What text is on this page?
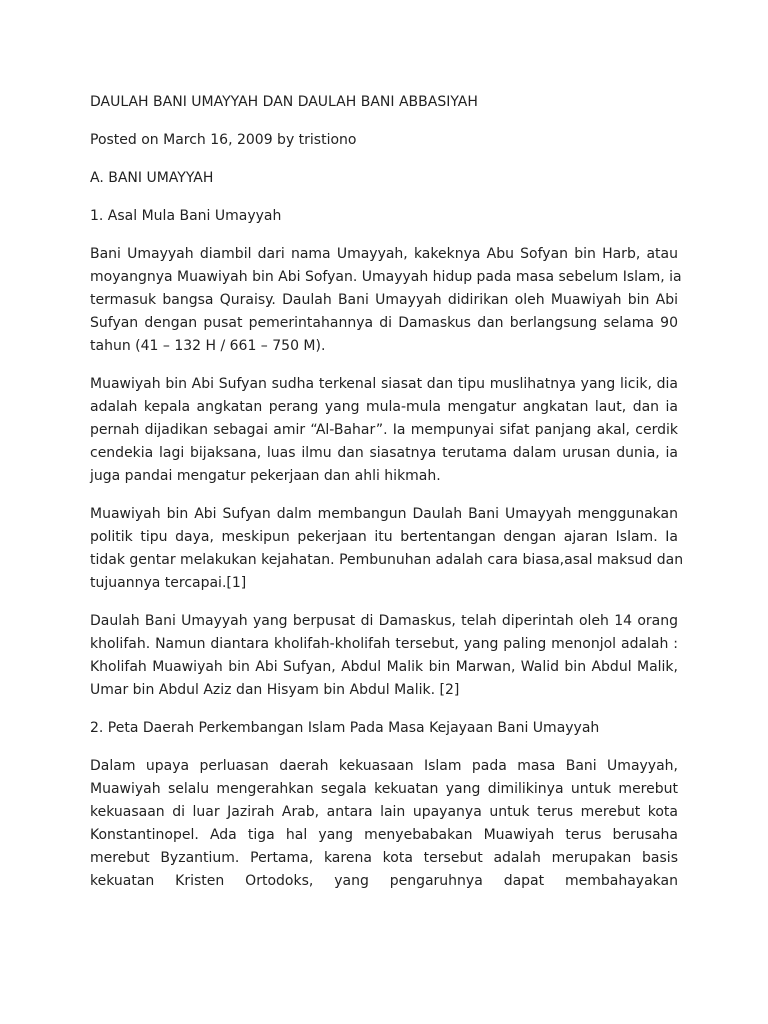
DAULAH BANI UMAYYAH DAN DAULAH BANI ABBASIYAH
Posted on March 16, 2009 by tristiono
A. BANI UMAYYAH
1. Asal Mula Bani Umayyah
Bani Umayyah diambil dari nama Umayyah, kakeknya Abu Sofyan bin Harb, atau
moyangnya Muawiyah bin Abi Sofyan. Umayyah hidup pada masa sebelum Islam, ia
termasuk bangsa Quraisy. Daulah Bani Umayyah didirikan oleh Muawiyah bin Abi
Sufyan dengan pusat pemerintahannya di Damaskus dan berlangsung selama 90
tahun (41 – 132 H / 661 – 750 M).
Muawiyah bin Abi Sufyan sudha terkenal siasat dan tipu muslihatnya yang licik, dia
adalah kepala angkatan perang yang mula-mula mengatur angkatan laut, dan ia
pernah dijadikan sebagai amir “Al-Bahar”. Ia mempunyai sifat panjang akal, cerdik
cendekia lagi bijaksana, luas ilmu dan siasatnya terutama dalam urusan dunia, ia
juga pandai mengatur pekerjaan dan ahli hikmah.
Muawiyah bin Abi Sufyan dalm membangun Daulah Bani Umayyah menggunakan
politik tipu daya, meskipun pekerjaan itu bertentangan dengan ajaran Islam. Ia
tidak gentar melakukan kejahatan. Pembunuhan adalah cara biasa,asal maksud dan
tujuannya tercapai.[1]
Daulah Bani Umayyah yang berpusat di Damaskus, telah diperintah oleh 14 orang
kholifah. Namun diantara kholifah-kholifah tersebut, yang paling menonjol adalah :
Kholifah Muawiyah bin Abi Sufyan, Abdul Malik bin Marwan, Walid bin Abdul Malik,
Umar bin Abdul Aziz dan Hisyam bin Abdul Malik. [2]
2. Peta Daerah Perkembangan Islam Pada Masa Kejayaan Bani Umayyah
Dalam upaya perluasan daerah kekuasaan Islam pada masa Bani Umayyah,
Muawiyah selalu mengerahkan segala kekuatan yang dimilikinya untuk merebut
kekuasaan di luar Jazirah Arab, antara lain upayanya untuk terus merebut kota
Konstantinopel. Ada tiga hal yang menyebabakan Muawiyah terus berusaha
merebut Byzantium. Pertama, karena kota tersebut adalah merupakan basis
kekuatan Kristen Ortodoks, yang pengaruhnya dapat membahayakan
